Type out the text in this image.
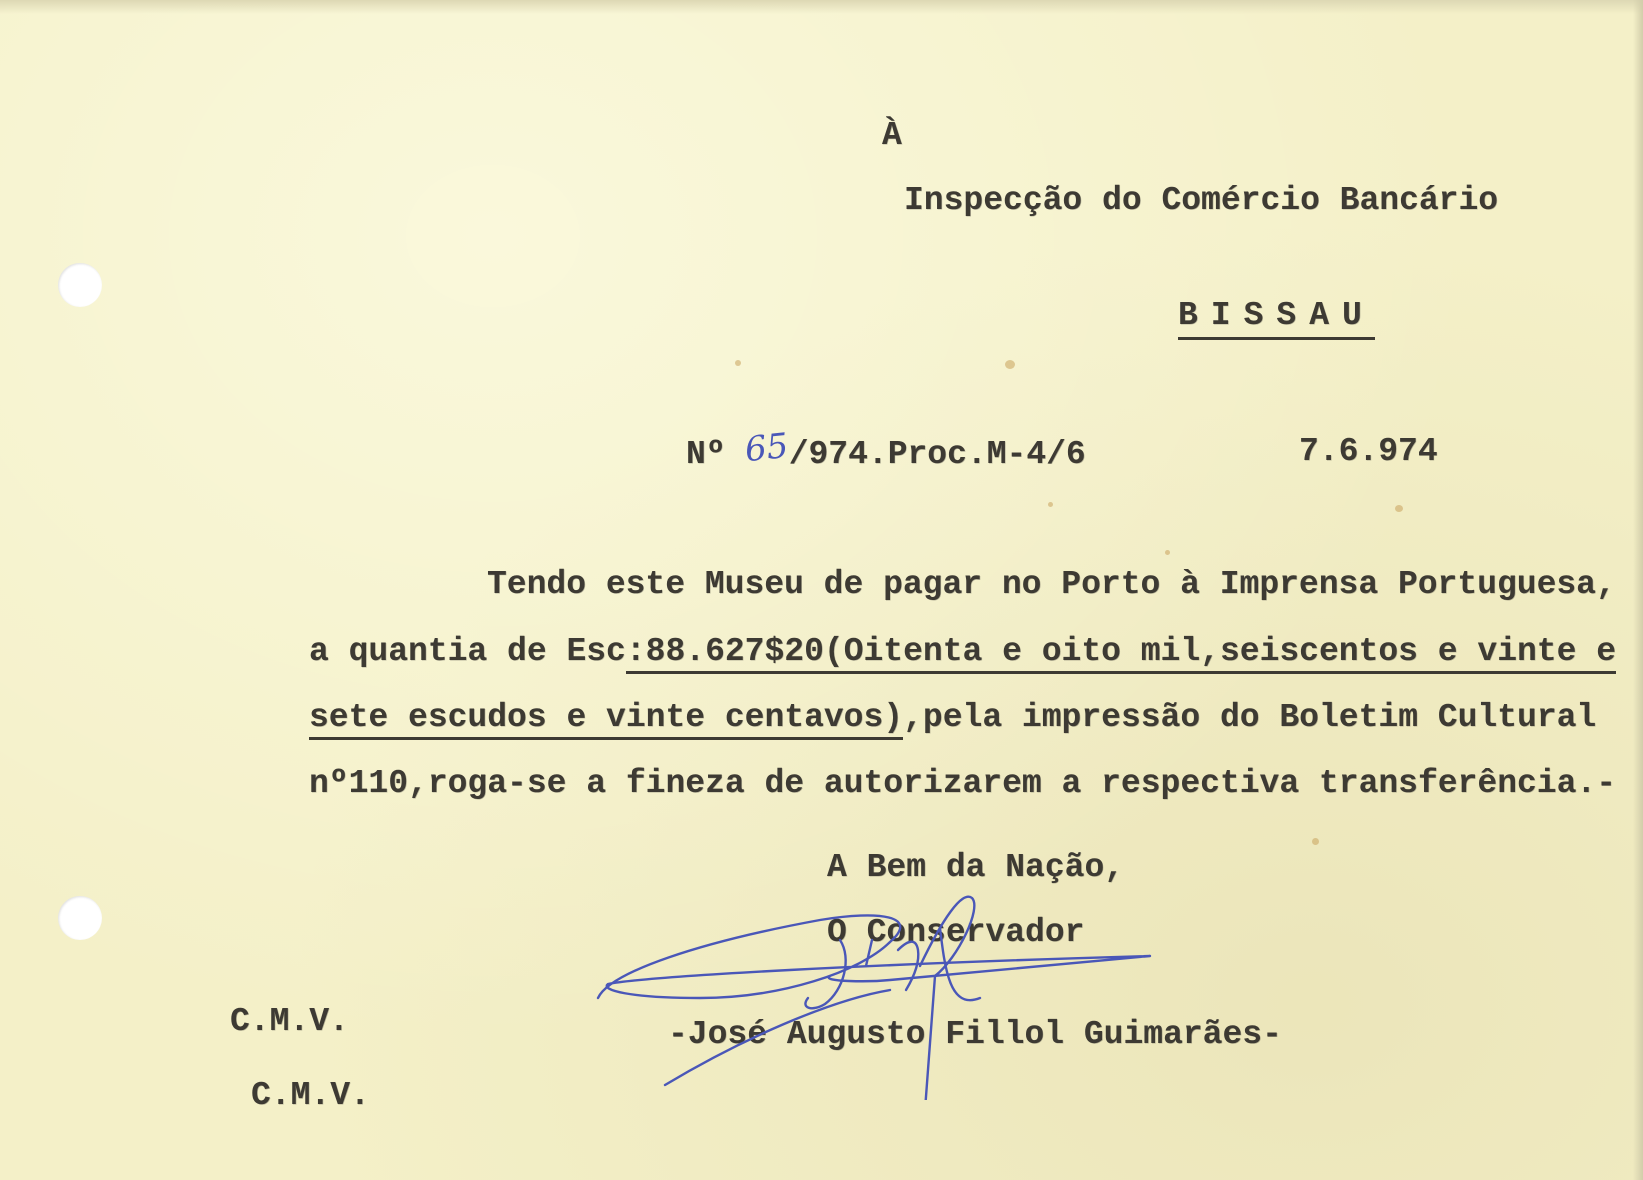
À
Inspecção do Comércio Bancário
BISSAU
Nº 65/974.Proc.M-4/6	7.6.974
Tendo este Museu de pagar no Porto à Imprensa Portuguesa,
a quantia de Esc:88.627$20(Oitenta e oito mil,seiscentos e vinte e
sete escudos e vinte centavos),pela impressão do Boletim Cultural
nº110,roga-se a fineza de autorizarem a respectiva transferência.-
A Bem da Nação,
O Conservador
-José Augusto Fillol Guimarães-
C.M.V.
C.M.V.
